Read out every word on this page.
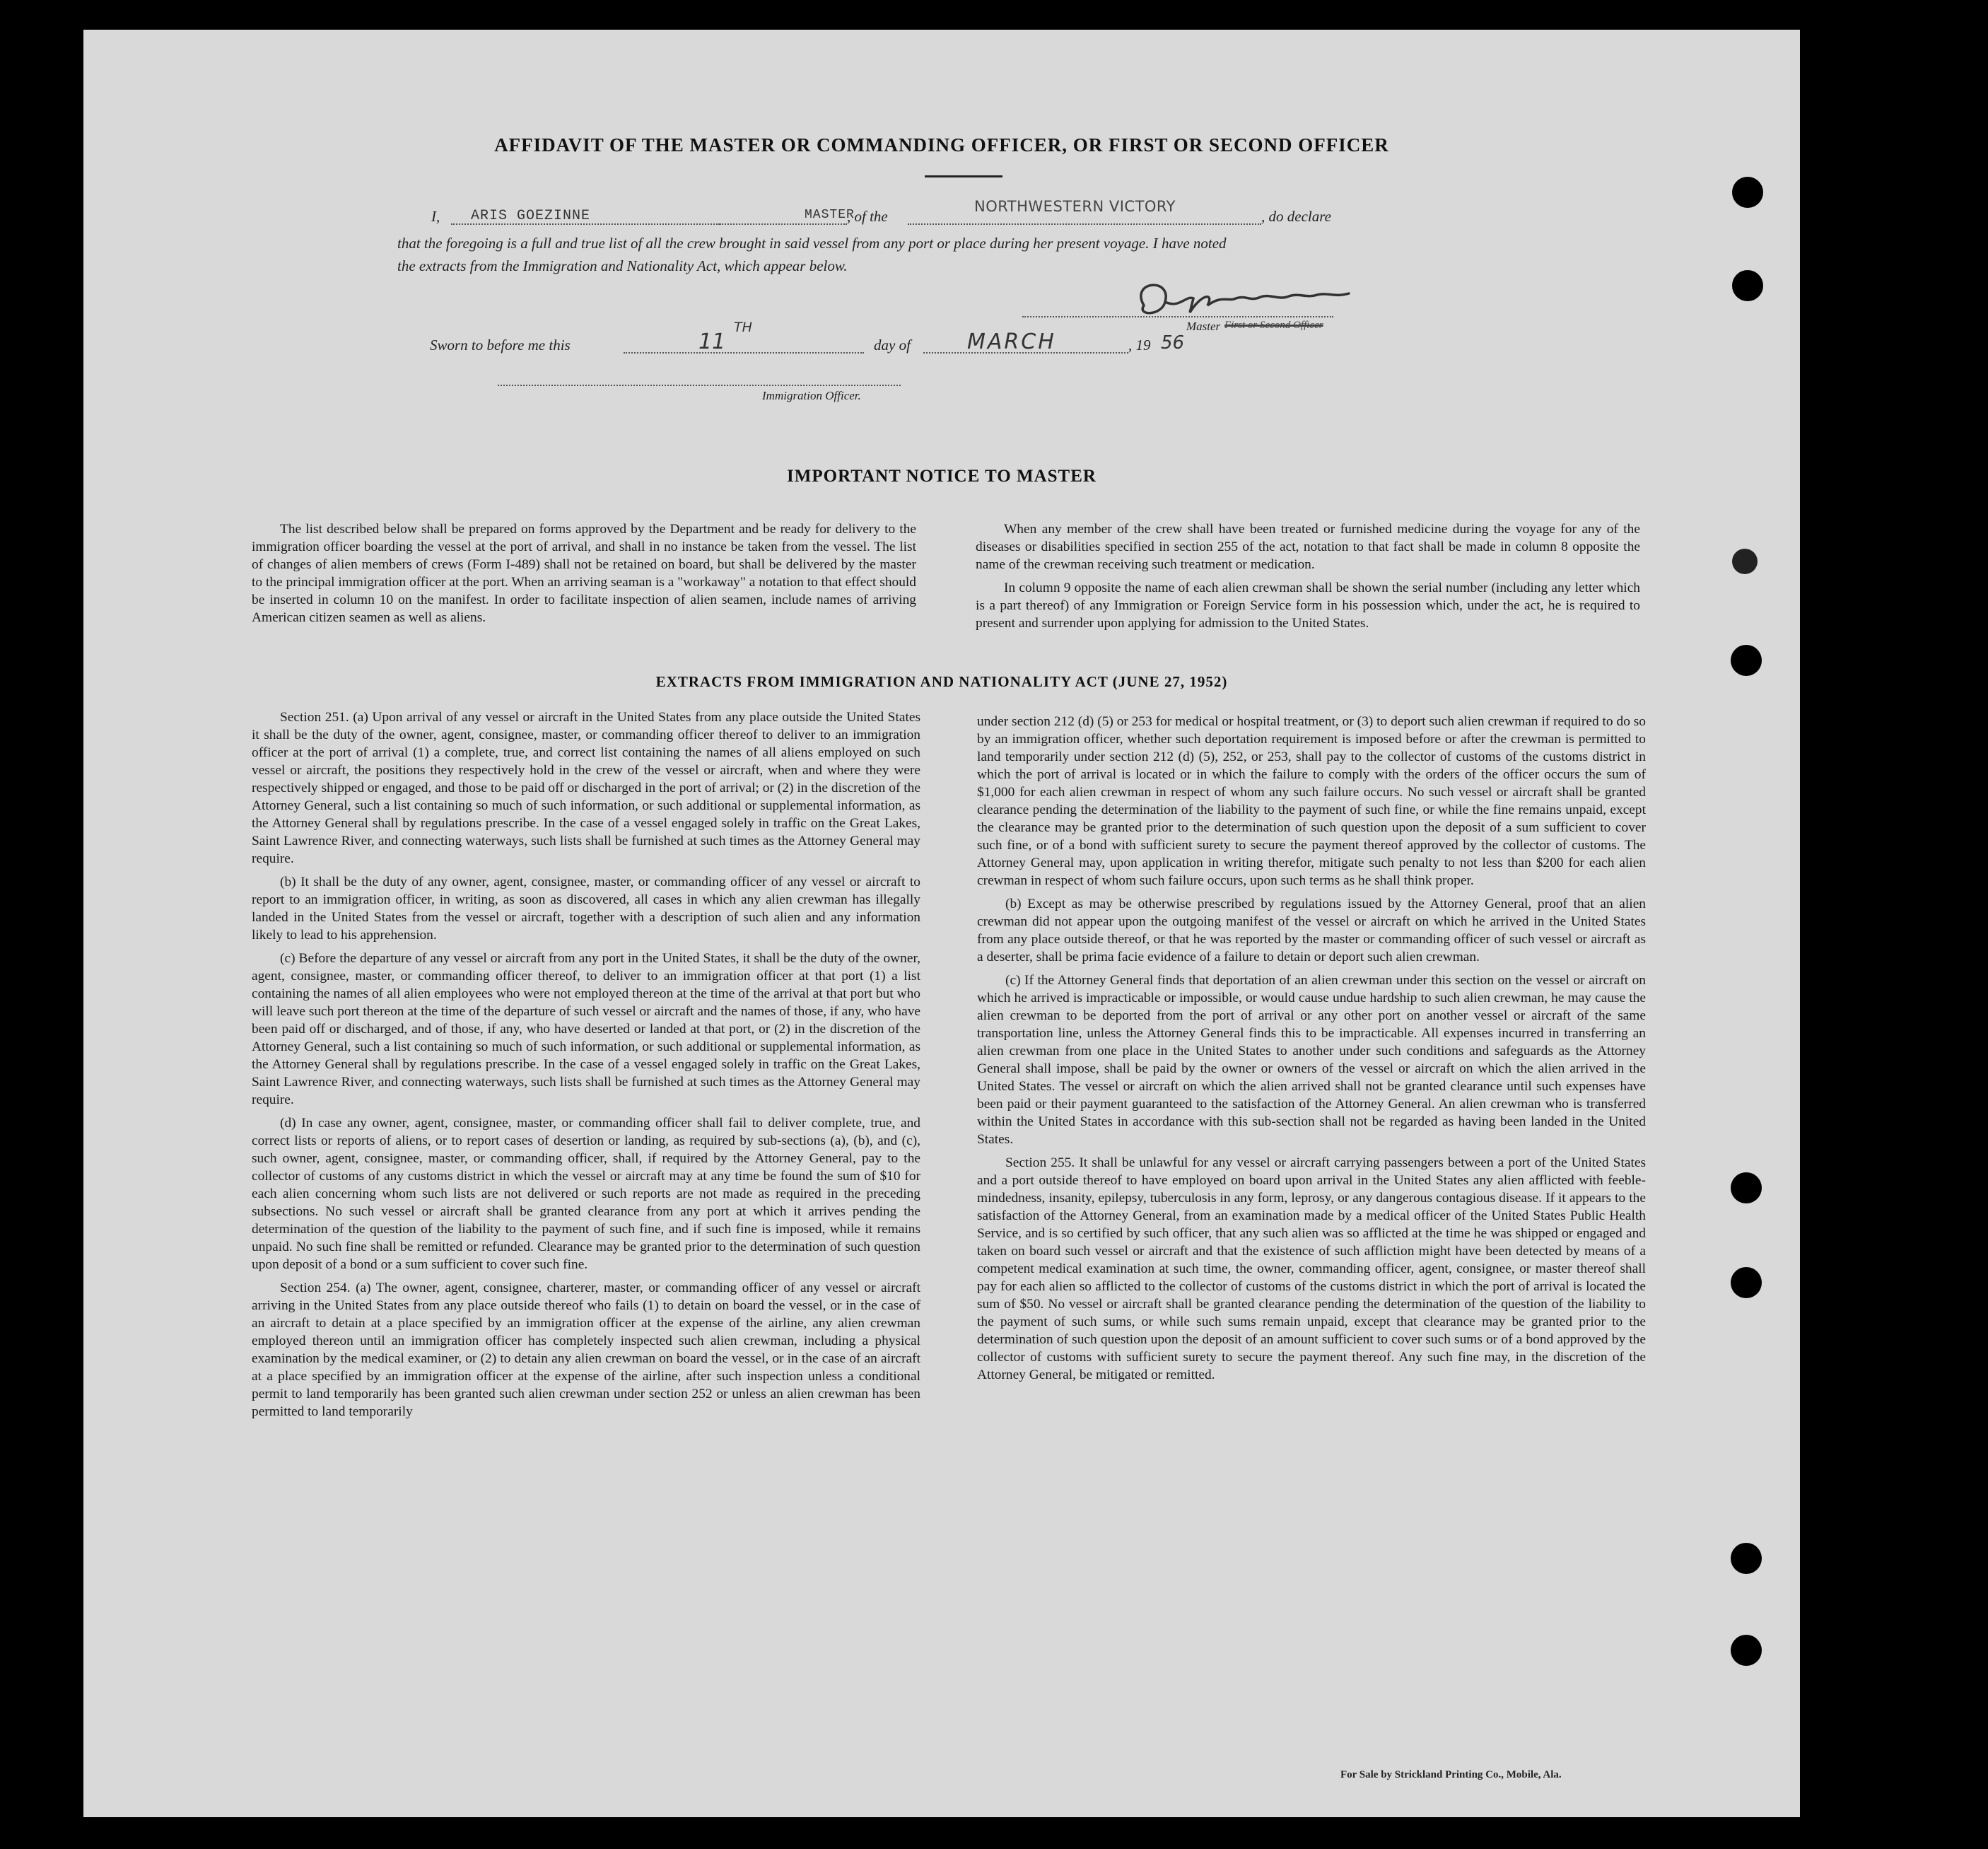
AFFIDAVIT OF THE MASTER OR COMMANDING OFFICER, OR FIRST OR SECOND OFFICER
I, ARIS GOEZINNE	MASTER
, of the
NORTHWESTERN VICTORY
, do declare
that the foregoing is a full and true list of all the crew brought in said vessel from any port or place during her present voyage. I have noted
the extracts from the Immigration and Nationality Act, which appear below.
Master First or Second Officer
Sworn to before me this	11
TH
day of	MARCH	, 19 56
Immigration Officer.
IMPORTANT NOTICE TO MASTER

The list described below shall be prepared on forms approved by the Department and be ready for delivery to the immigration officer boarding the vessel at the port of arrival, and shall in no instance be taken from the vessel. The list of changes of alien members of crews (Form I-489) shall not be retained on board, but shall be delivered by the master to the principal immigration officer at the port. When an arriving seaman is a "workaway" a notation to that effect should be inserted in column 10 on the manifest. In order to facilitate inspection of alien seamen, include names of arriving American citizen seamen as well as aliens.

When any member of the crew shall have been treated or furnished medicine during the voyage for any of the diseases or disabilities specified in section 255 of the act, notation to that fact shall be made in column 8 opposite the name of the crewman receiving such treatment or medication.

In column 9 opposite the name of each alien crewman shall be shown the serial number (including any letter which is a part thereof) of any Immigration or Foreign Service form in his possession which, under the act, he is required to present and surrender upon applying for admission to the United States.

EXTRACTS FROM IMMIGRATION AND NATIONALITY ACT (JUNE 27, 1952)

Section 251. (a) Upon arrival of any vessel or aircraft in the United States from any place outside the United States it shall be the duty of the owner, agent, consignee, master, or commanding officer thereof to deliver to an immigration officer at the port of arrival (1) a complete, true, and correct list containing the names of all aliens employed on such vessel or aircraft, the positions they respectively hold in the crew of the vessel or aircraft, when and where they were respectively shipped or engaged, and those to be paid off or discharged in the port of arrival; or (2) in the discretion of the Attorney General, such a list containing so much of such information, or such additional or supplemental information, as the Attorney General shall by regulations prescribe. In the case of a vessel engaged solely in traffic on the Great Lakes, Saint Lawrence River, and connecting waterways, such lists shall be furnished at such times as the Attorney General may require.

(b) It shall be the duty of any owner, agent, consignee, master, or commanding officer of any vessel or aircraft to report to an immigration officer, in writing, as soon as discovered, all cases in which any alien crewman has illegally landed in the United States from the vessel or aircraft, together with a description of such alien and any information likely to lead to his apprehension.

(c) Before the departure of any vessel or aircraft from any port in the United States, it shall be the duty of the owner, agent, consignee, master, or commanding officer thereof, to deliver to an immigration officer at that port (1) a list containing the names of all alien employees who were not employed thereon at the time of the arrival at that port but who will leave such port thereon at the time of the departure of such vessel or aircraft and the names of those, if any, who have been paid off or discharged, and of those, if any, who have deserted or landed at that port, or (2) in the discretion of the Attorney General, such a list containing so much of such information, or such additional or supplemental information, as the Attorney General shall by regulations prescribe. In the case of a vessel engaged solely in traffic on the Great Lakes, Saint Lawrence River, and connecting waterways, such lists shall be furnished at such times as the Attorney General may require.

(d) In case any owner, agent, consignee, master, or commanding officer shall fail to deliver complete, true, and correct lists or reports of aliens, or to report cases of desertion or landing, as required by sub-sections (a), (b), and (c), such owner, agent, consignee, master, or commanding officer, shall, if required by the Attorney General, pay to the collector of customs of any customs district in which the vessel or aircraft may at any time be found the sum of $10 for each alien concerning whom such lists are not delivered or such reports are not made as required in the preceding subsections. No such vessel or aircraft shall be granted clearance from any port at which it arrives pending the determination of the question of the liability to the payment of such fine, and if such fine is imposed, while it remains unpaid. No such fine shall be remitted or refunded. Clearance may be granted prior to the determination of such question upon deposit of a bond or a sum sufficient to cover such fine.

Section 254. (a) The owner, agent, consignee, charterer, master, or commanding officer of any vessel or aircraft arriving in the United States from any place outside thereof who fails (1) to detain on board the vessel, or in the case of an aircraft to detain at a place specified by an immigration officer at the expense of the airline, any alien crewman employed thereon until an immigration officer has completely inspected such alien crewman, including a physical examination by the medical examiner, or (2) to detain any alien crewman on board the vessel, or in the case of an aircraft at a place specified by an immigration officer at the expense of the airline, after such inspection unless a conditional permit to land temporarily has been granted such alien crewman under section 252 or unless an alien crewman has been permitted to land temporarily

under section 212 (d) (5) or 253 for medical or hospital treatment, or (3) to deport such alien crewman if required to do so by an immigration officer, whether such deportation requirement is imposed before or after the crewman is permitted to land temporarily under section 212 (d) (5), 252, or 253, shall pay to the collector of customs of the customs district in which the port of arrival is located or in which the failure to comply with the orders of the officer occurs the sum of $1,000 for each alien crewman in respect of whom any such failure occurs. No such vessel or aircraft shall be granted clearance pending the determination of the liability to the payment of such fine, or while the fine remains unpaid, except the clearance may be granted prior to the determination of such question upon the deposit of a sum sufficient to cover such fine, or of a bond with sufficient surety to secure the payment thereof approved by the collector of customs. The Attorney General may, upon application in writing therefor, mitigate such penalty to not less than $200 for each alien crewman in respect of whom such failure occurs, upon such terms as he shall think proper.

(b) Except as may be otherwise prescribed by regulations issued by the Attorney General, proof that an alien crewman did not appear upon the outgoing manifest of the vessel or aircraft on which he arrived in the United States from any place outside thereof, or that he was reported by the master or commanding officer of such vessel or aircraft as a deserter, shall be prima facie evidence of a failure to detain or deport such alien crewman.

(c) If the Attorney General finds that deportation of an alien crewman under this section on the vessel or aircraft on which he arrived is impracticable or impossible, or would cause undue hardship to such alien crewman, he may cause the alien crewman to be deported from the port of arrival or any other port on another vessel or aircraft of the same transportation line, unless the Attorney General finds this to be impracticable. All expenses incurred in transferring an alien crewman from one place in the United States to another under such conditions and safeguards as the Attorney General shall impose, shall be paid by the owner or owners of the vessel or aircraft on which the alien arrived in the United States. The vessel or aircraft on which the alien arrived shall not be granted clearance until such expenses have been paid or their payment guaranteed to the satisfaction of the Attorney General. An alien crewman who is transferred within the United States in accordance with this sub-section shall not be regarded as having been landed in the United States.

Section 255. It shall be unlawful for any vessel or aircraft carrying passengers between a port of the United States and a port outside thereof to have employed on board upon arrival in the United States any alien afflicted with feeble-mindedness, insanity, epilepsy, tuberculosis in any form, leprosy, or any dangerous contagious disease. If it appears to the satisfaction of the Attorney General, from an examination made by a medical officer of the United States Public Health Service, and is so certified by such officer, that any such alien was so afflicted at the time he was shipped or engaged and taken on board such vessel or aircraft and that the existence of such affliction might have been detected by means of a competent medical examination at such time, the owner, commanding officer, agent, consignee, or master thereof shall pay for each alien so afflicted to the collector of customs of the customs district in which the port of arrival is located the sum of $50. No vessel or aircraft shall be granted clearance pending the determination of the question of the liability to the payment of such sums, or while such sums remain unpaid, except that clearance may be granted prior to the determination of such question upon the deposit of an amount sufficient to cover such sums or of a bond approved by the collector of customs with sufficient surety to secure the payment thereof. Any such fine may, in the discretion of the Attorney General, be mitigated or remitted.

For Sale by Strickland Printing Co., Mobile, Ala.
